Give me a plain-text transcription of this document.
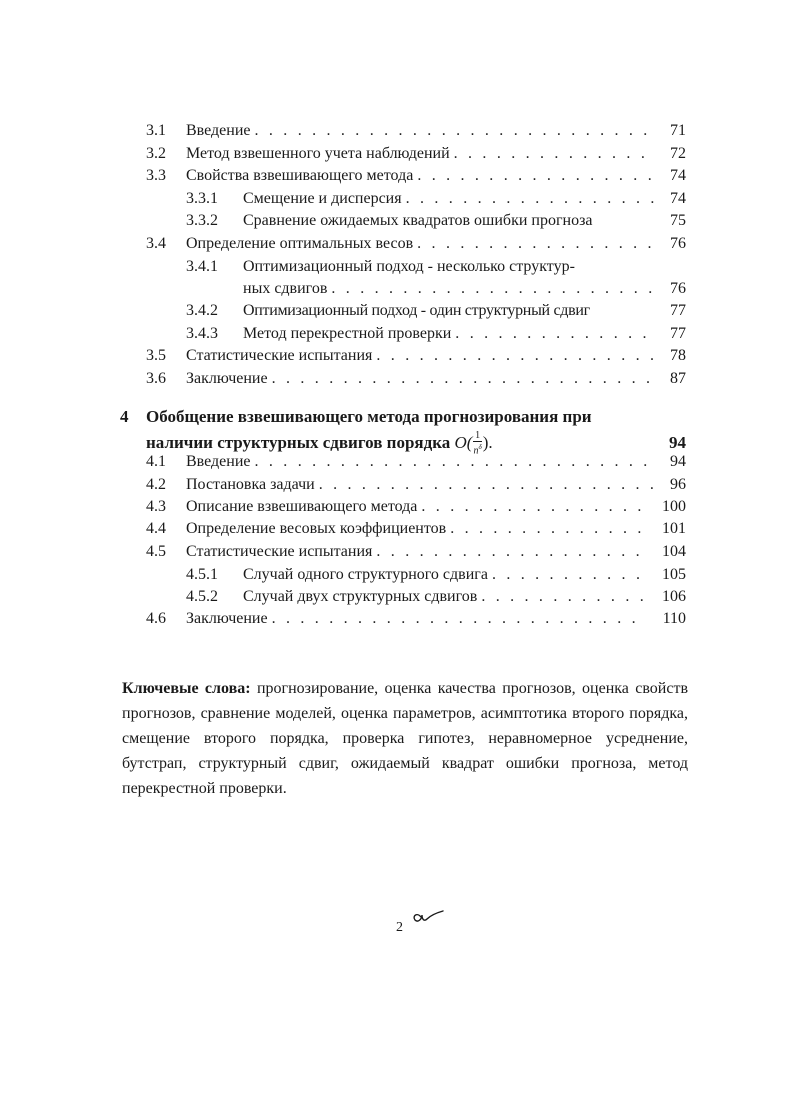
3.1 Введение . . .	71
3.2 Метод взвешенного учета наблюдений . . .	72
3.3 Свойства взвешивающего метода . . .	74
3.3.1 Смещение и дисперсия . . .	74
3.3.2 Сравнение ожидаемых квадратов ошибки прогноза	75
3.4 Определение оптимальных весов . . .	76
3.4.1 Оптимизационный подход - несколько структур-
ных сдвигов . . .	76
3.4.2 Оптимизационный подход - один структурный сдвиг	77
3.4.3 Метод перекрестной проверки . . .	77
3.5 Статистические испытания . . .	78
3.6 Заключение . . .	87
4 Обобщение взвешивающего метода прогнозирования при
наличии структурных сдвигов порядка $O( \frac{1}{n^\delta}$ ).	94
4.1 Введение . . .	94
4.2 Постановка задачи . . .	96
4.3 Описание взвешивающего метода . . .	100
4.4 Определение весовых коэффициентов . . .	101
4.5 Статистические испытания . . .	104
4.5.1 Случай одного структурного сдвига . . .	105
4.5.2 Случай двух структурных сдвигов . . .	106
4.6 Заключение . . .	110

Ключевые слова: прогнозирование, оценка качества прогнозов, оценка свойств прогнозов, сравнение моделей, оценка параметров, асимптотика второго порядка, смещение второго порядка, проверка гипотез, неравномерное усреднение, бутстрап, структурный сдвиг, ожидаемый квадрат ошибки прогноза, метод перекрестной проверки.

2
